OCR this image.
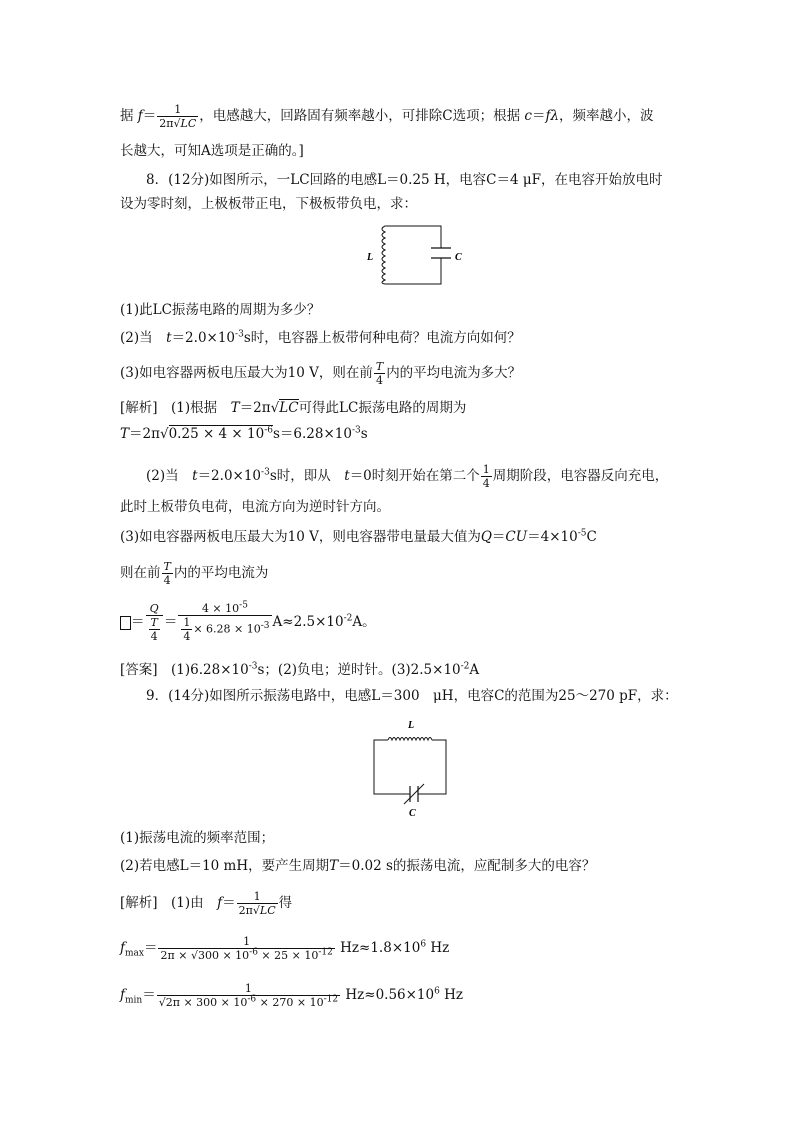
据 $f= \frac{1}{2\pi√LC}$ ，电感越大，回路固有频率越小，可排除C选项；根据 c＝fλ，频率越小，波
长越大，可知A选项是正确的。]
8．(12分)如图所示，一LC回路的电感L＝0.25 H，电容C＝4 μF，在电容开始放电时
设为零时刻，上极板带正电，下极板带负电，求：
L	C
(1)此LC振荡电路的周期为多少？
(2)当　$t=2.0\times 10^{-3}s$时，电容器上板带何种电荷？电流方向如何？
(3)如电容器两板电压最大为10 V，则在前 $\frac{T}{4}$ 内的平均电流为多大？
[解析]　(1)根据　T＝2π√LC可得此LC振荡电路的周期为
$T=2\pi√0.25 \times 4 \times 10^{-6}s=6.28\times 10^{-3}s$
(2)当　$t=2.0\times 10^{-3}s$时，即从　t＝0时刻开始在第二个 $\frac{1}{4}$ 周期阶段，电容器反向充电，
此时上板带负电荷，电流方向为逆时针方向。
(3)如电容器两板电压最大为10 V，则电容器带电量最大值为$Q=CU=4\times 10^{-5}C$
则在前 $\frac{T}{4}$ 内的平均电流为
＝ $\frac{Q}{\frac{T}{4}} = \frac{4 \times 10^{-5}}{\frac{1}{4} \times 6.28 \times 10^{-3}} A\approx 2.5\times 10^{-2}A$。
[答案]　$(1)6.28\times 10^{-3}s$；(2)负电；逆时针。$(3)2.5\times 10^{-2}A$
9．(14分)如图所示振荡电路中，电感L＝300　μH，电容C的范围为25～270 pF，求：
L
C
(1)振荡电流的频率范围；
(2)若电感L＝10 mH，要产生周期T＝0.02 s的振荡电流，应配制多大的电容？
[解析]　(1)由　$f= \frac{1}{2\pi√LC}$ 得
$f_{max}= \frac{1}{2\pi \times √300 \times 10^{-6} \times 25 \times 10^{-12}} Hz\approx 1.8\times 10^6$ Hz
$f_{min}= \frac{1}{√2\pi \times 300 \times 10^{-6} \times 270 \times 10^{-12}} Hz\approx 0.56\times 10^6$ Hz
